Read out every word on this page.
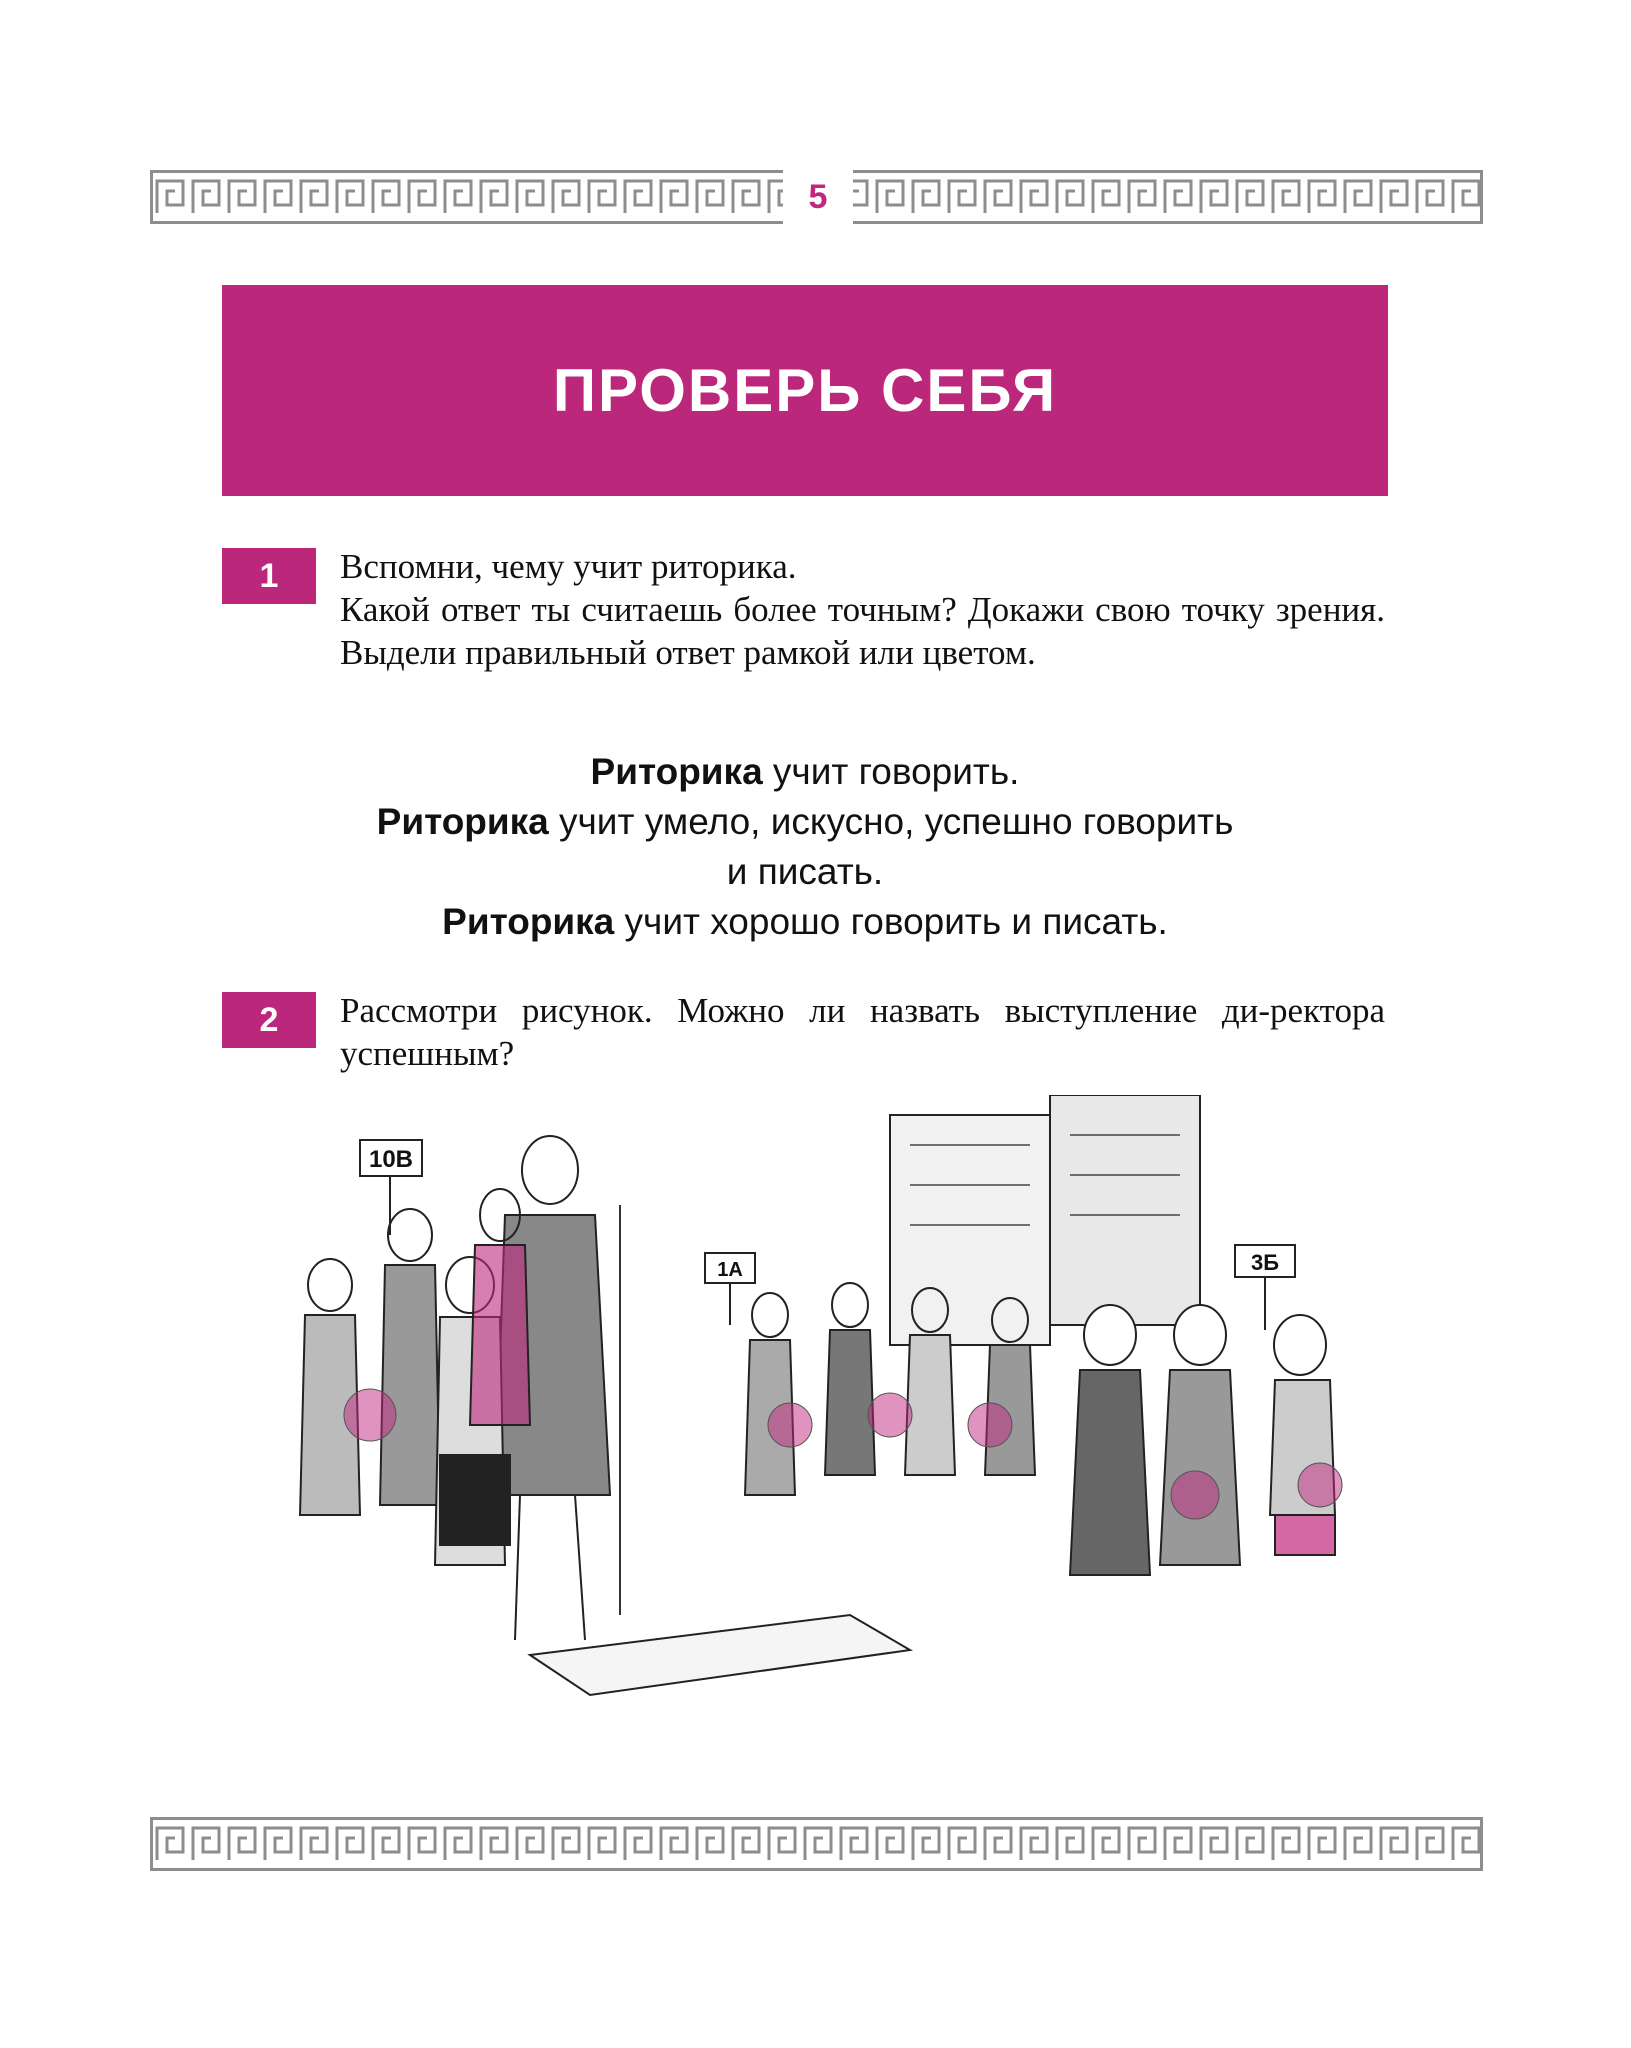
5
ПРОВЕРЬ СЕБЯ
1	Вспомни, чему учит риторика.

Какой ответ ты считаешь более точным? Докажи свою точку зрения. Выдели правильный ответ рамкой или цветом.

Риторика учит говорить.
Риторика учит умело, искусно, успешно говорить
и писать.
Риторика учит хорошо говорить и писать.
2	Рассмотри рисунок. Можно ли назвать выступление ди-ректора успешным?

10В
1А	3Б
